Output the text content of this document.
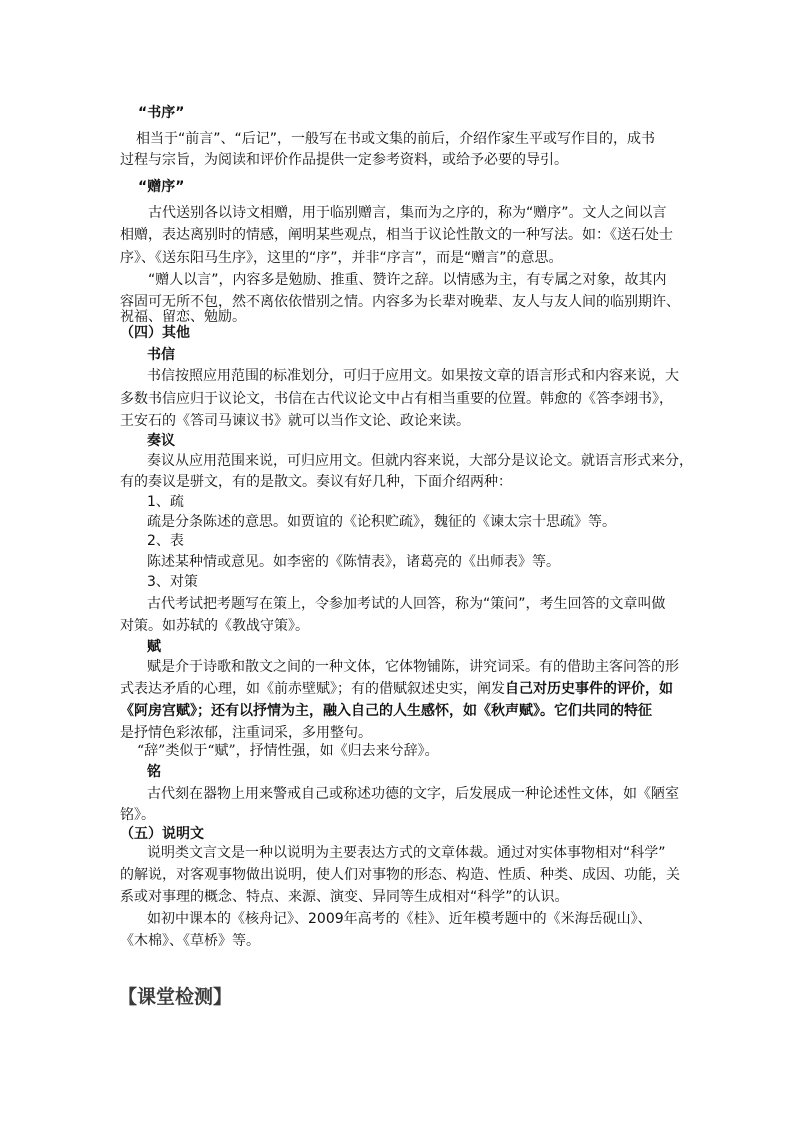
“书序”
相当于“前言”、“后记”，一般写在书或文集的前后，介绍作家生平或写作目的，成书
过程与宗旨，为阅读和评价作品提供一定参考资料，或给予必要的导引。
“赠序”
古代送别各以诗文相赠，用于临别赠言，集而为之序的，称为“赠序”。文人之间以言
相赠，表达离别时的情感，阐明某些观点，相当于议论性散文的一种写法。如：《送石处士
序》、《送东阳马生序》，这里的“序”，并非“序言”，而是“赠言”的意思。
“赠人以言”，内容多是勉励、推重、赞许之辞。以情感为主，有专属之对象，故其内
容固可无所不包，然不离依依惜别之情。内容多为长辈对晚辈、友人与友人间的临别期许、
祝福、留恋、勉励。
（四）其他
书信
书信按照应用范围的标准划分，可归于应用文。如果按文章的语言形式和内容来说，大
多数书信应归于议论文，书信在古代议论文中占有相当重要的位置。韩愈的《答李翊书》，
王安石的《答司马谏议书》就可以当作文论、政论来读。
奏议
奏议从应用范围来说，可归应用文。但就内容来说，大部分是议论文。就语言形式来分，
有的奏议是骈文，有的是散文。奏议有好几种，下面介绍两种：
1、疏
疏是分条陈述的意思。如贾谊的《论积贮疏》，魏征的《谏太宗十思疏》等。
2、表
陈述某种情或意见。如李密的《陈情表》，诸葛亮的《出师表》等。
3、对策
古代考试把考题写在策上，令参加考试的人回答，称为“策问”，考生回答的文章叫做
对策。如苏轼的《教战守策》。
赋
赋是介于诗歌和散文之间的一种文体，它体物铺陈，讲究词采。有的借助主客问答的形
式表达矛盾的心理，如《前赤壁赋》；有的借赋叙述史实，阐发自己对历史事件的评价，如
《阿房宫赋》；还有以抒情为主，融入自己的人生感怀，如《秋声赋》。它们共同的特征
是抒情色彩浓郁，注重词采，多用整句。
“辞”类似于“赋”，抒情性强，如《归去来兮辞》。
铭
古代刻在器物上用来警戒自己或称述功德的文字，后发展成一种论述性文体，如《陋室
铭》。
（五）说明文
说明类文言文是一种以说明为主要表达方式的文章体裁。通过对实体事物相对“科学”
的解说，对客观事物做出说明，使人们对事物的形态、构造、性质、种类、成因、功能，关
系或对事理的概念、特点、来源、演变、异同等生成相对“科学”的认识。
如初中课本的《核舟记》、2009年高考的《桂》、近年模考题中的《米海岳砚山》、
《木棉》、《草桥》等。
【课堂检测】
